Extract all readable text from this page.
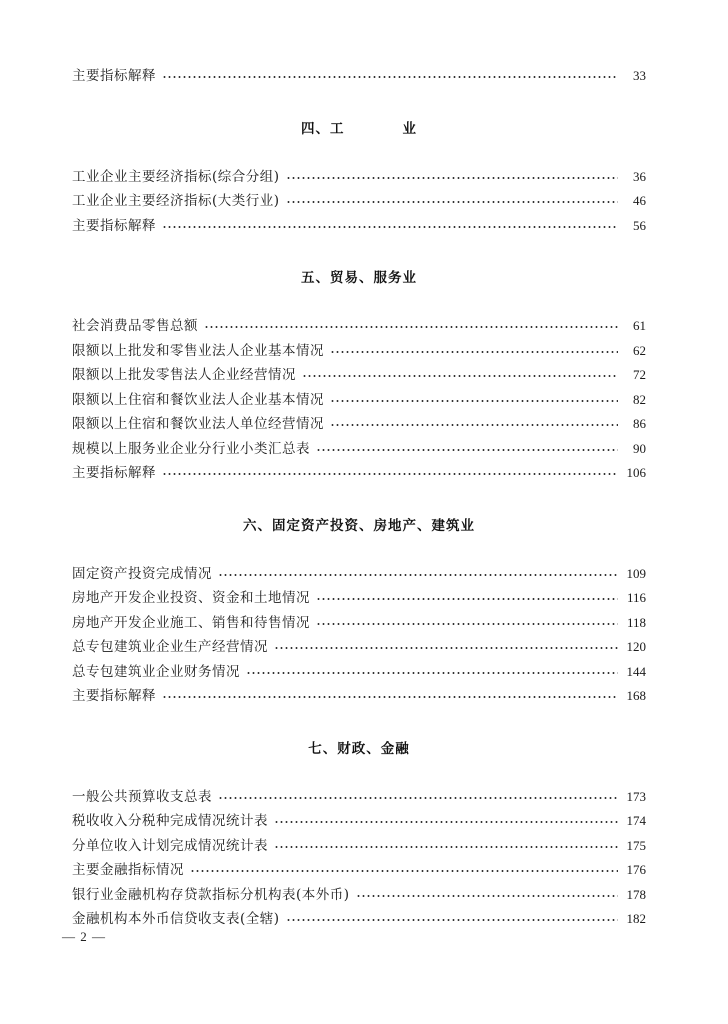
主要指标解释	33
四、工	业
工业企业主要经济指标(综合分组)	36
工业企业主要经济指标(大类行业)	46
主要指标解释	56
五、贸易、服务业
社会消费品零售总额	61
限额以上批发和零售业法人企业基本情况	62
限额以上批发零售法人企业经营情况	72
限额以上住宿和餐饮业法人企业基本情况	82
限额以上住宿和餐饮业法人单位经营情况	86
规模以上服务业企业分行业小类汇总表	90
主要指标解释	106
六、固定资产投资、房地产、建筑业
固定资产投资完成情况	109
房地产开发企业投资、资金和土地情况	116
房地产开发企业施工、销售和待售情况	118
总专包建筑业企业生产经营情况	120
总专包建筑业企业财务情况	144
主要指标解释	168
七、财政、金融
一般公共预算收支总表	173
税收收入分税种完成情况统计表	174
分单位收入计划完成情况统计表	175
主要金融指标情况	176
银行业金融机构存贷款指标分机构表(本外币)	178
金融机构本外币信贷收支表(全辖)	182
— 2 —
